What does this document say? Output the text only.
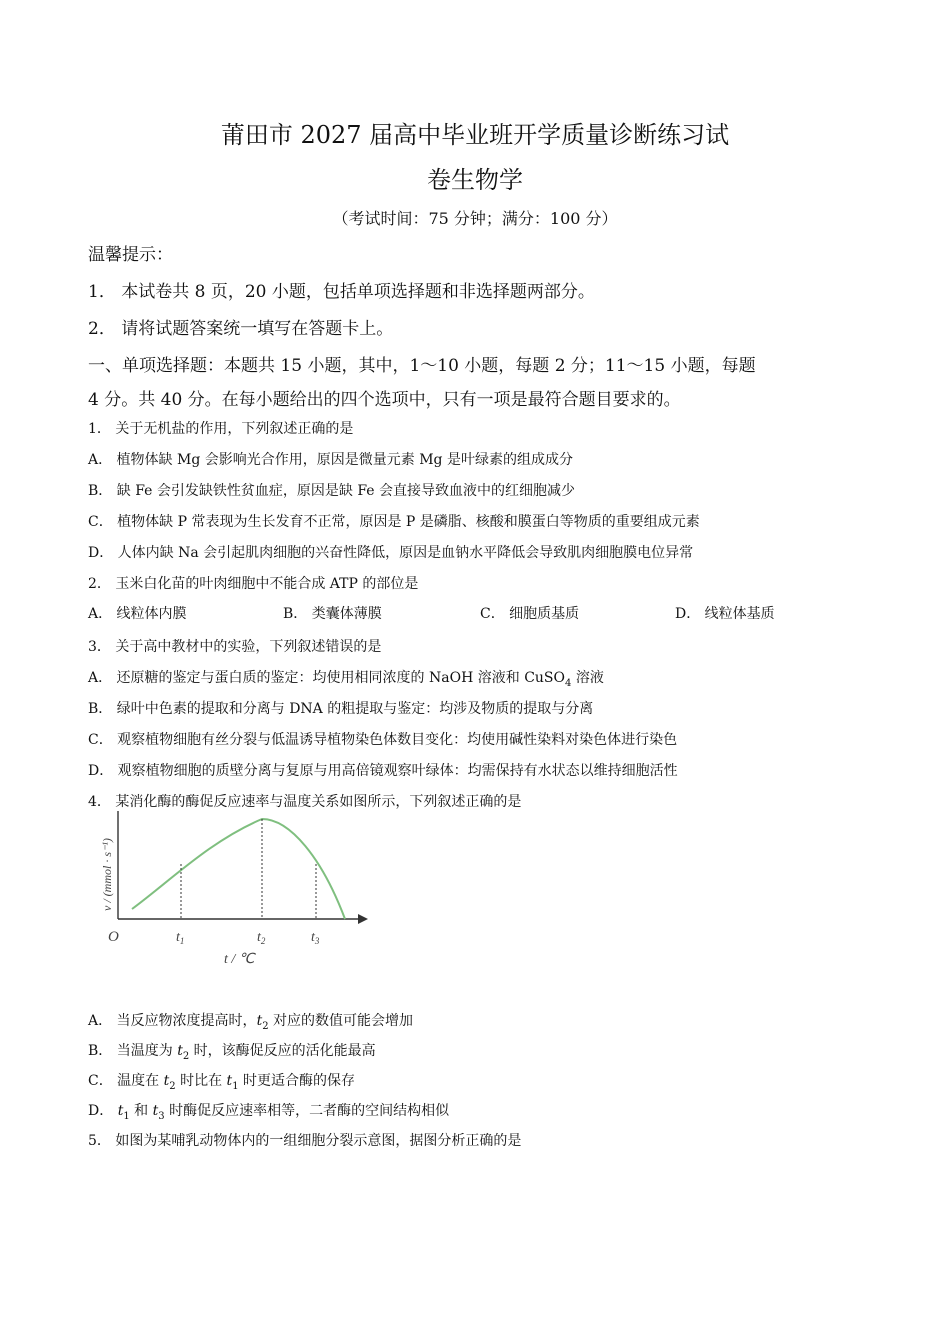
莆田市 2027 届高中毕业班开学质量诊断练习试
卷生物学
（考试时间：75 分钟；满分：100 分）
温馨提示：
1． 本试卷共 8 页，20 小题，包括单项选择题和非选择题两部分。
2． 请将试题答案统一填写在答题卡上。
一、单项选择题：本题共 15 小题，其中，1～10 小题，每题 2 分；11～15 小题，每题
4 分。共 40 分。在每小题给出的四个选项中，只有一项是最符合题目要求的。
1． 关于无机盐的作用，下列叙述正确的是
A． 植物体缺 Mg 会影响光合作用，原因是微量元素 Mg 是叶绿素的组成成分
B． 缺 Fe 会引发缺铁性贫血症，原因是缺 Fe 会直接导致血液中的红细胞减少
C． 植物体缺 P 常表现为生长发育不正常，原因是 P 是磷脂、核酸和膜蛋白等物质的重要组成元素
D． 人体内缺 Na 会引起肌肉细胞的兴奋性降低，原因是血钠水平降低会导致肌肉细胞膜电位异常
2． 玉米白化苗的叶肉细胞中不能合成 ATP 的部位是
A． 线粒体内膜	B． 类囊体薄膜	C． 细胞质基质	D． 线粒体基质
3． 关于高中教材中的实验，下列叙述错误的是
A． 还原糖的鉴定与蛋白质的鉴定：均使用相同浓度的 NaOH 溶液和 CuSO$_4$ 溶液
B． 绿叶中色素的提取和分离与 DNA 的粗提取与鉴定：均涉及物质的提取与分离
C． 观察植物细胞有丝分裂与低温诱导植物染色体数目变化：均使用碱性染料对染色体进行染色
D． 观察植物细胞的质壁分离与复原与用高倍镜观察叶绿体：均需保持有水状态以维持细胞活性
4． 某消化酶的酶促反应速率与温度关系如图所示，下列叙述正确的是
O	$t_1$	$t_2$	$t_3$
t / ℃
v / (mmol · s⁻¹)
A． 当反应物浓度提高时，$t_2$ 对应的数值可能会增加
B． 当温度为 $t_2$ 时，该酶促反应的活化能最高
C． 温度在 $t_2$ 时比在 $t_1$ 时更适合酶的保存
D． $t_1$ 和 $t_3$ 时酶促反应速率相等，二者酶的空间结构相似
5． 如图为某哺乳动物体内的一组细胞分裂示意图，据图分析正确的是
